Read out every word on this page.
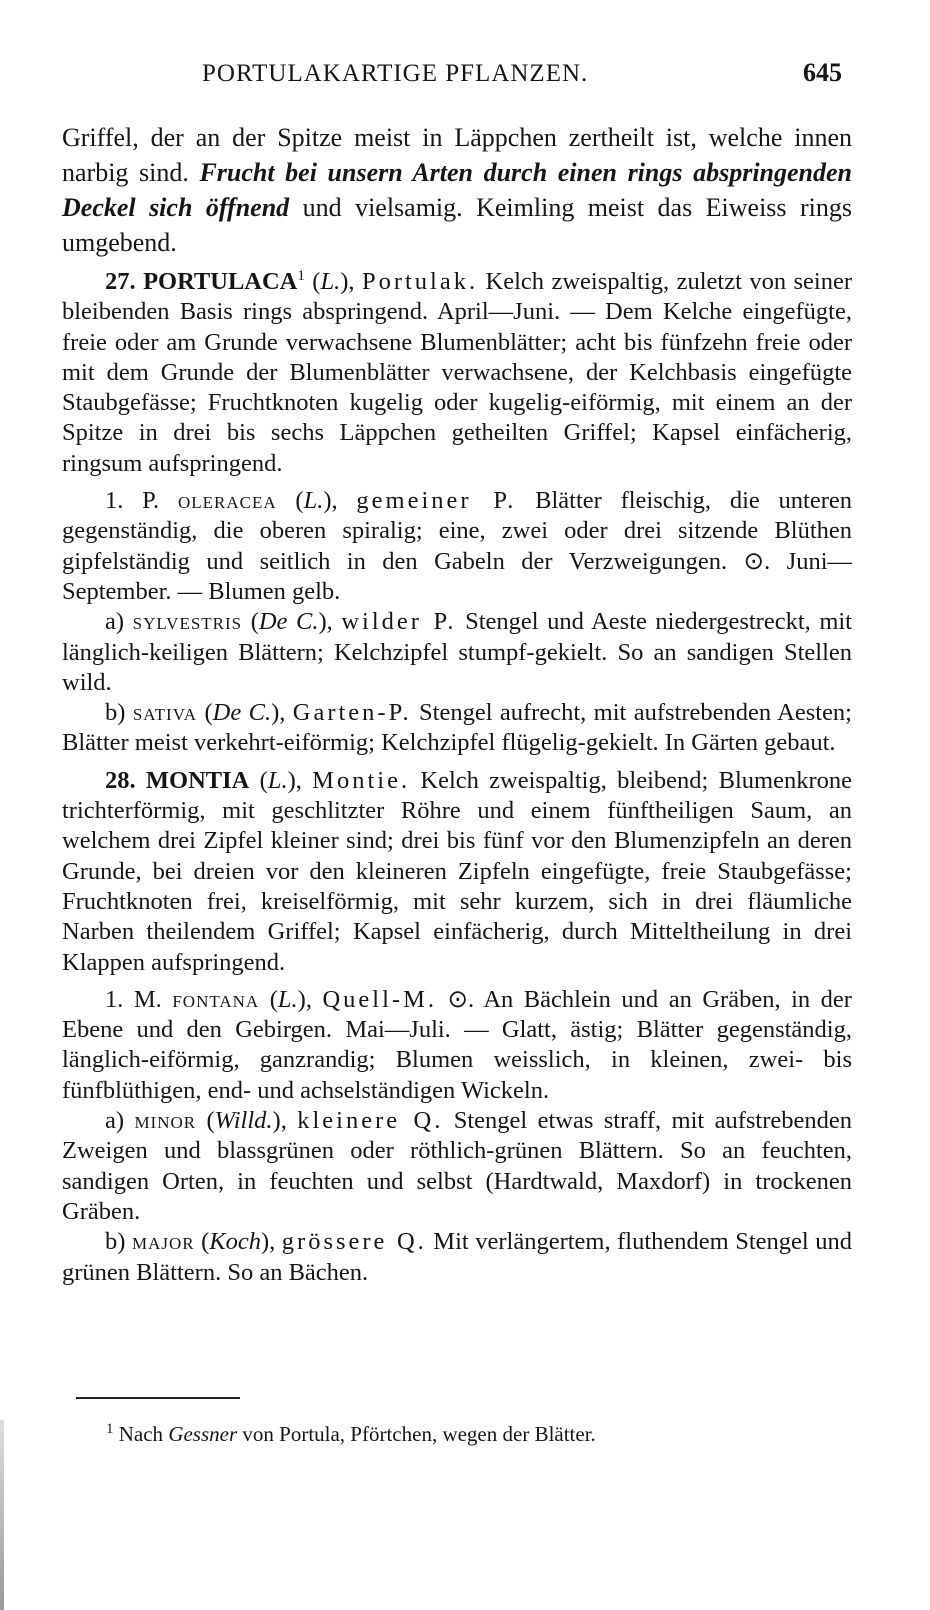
PORTULAKARTIGE PFLANZEN.	645

Griffel, der an der Spitze meist in Läppchen zertheilt ist, welche innen narbig sind. Frucht bei unsern Arten durch einen rings abspringenden Deckel sich öffnend und vielsamig. Keimling meist das Eiweiss rings umgebend.

27. PORTULACA$^1$ (L.), Portulak. Kelch zweispaltig, zuletzt von seiner bleibenden Basis rings abspringend. April—Juni. — Dem Kelche eingefügte, freie oder am Grunde verwachsene Blumenblätter; acht bis fünfzehn freie oder mit dem Grunde der Blumenblätter verwachsene, der Kelchbasis eingefügte Staubgefässe; Fruchtknoten kugelig oder kugelig-eiförmig, mit einem an der Spitze in drei bis sechs Läppchen getheilten Griffel; Kapsel einfächerig, ringsum aufspringend.

1. P. oleracea (L.), gemeiner P. Blätter fleischig, die unteren gegenständig, die oberen spiralig; eine, zwei oder drei sitzende Blüthen gipfelständig und seitlich in den Gabeln der Verzweigungen. ⊙. Juni—September. — Blumen gelb.

a) sylvestris (De C.), wilder P. Stengel und Aeste niedergestreckt, mit länglich-keiligen Blättern; Kelchzipfel stumpf-gekielt. So an sandigen Stellen wild.

b) sativa (De C.), Garten-P. Stengel aufrecht, mit aufstrebenden Aesten; Blätter meist verkehrt-eiförmig; Kelchzipfel flügelig-gekielt. In Gärten gebaut.

28. MONTIA (L.), Montie. Kelch zweispaltig, bleibend; Blumenkrone trichterförmig, mit geschlitzter Röhre und einem fünftheiligen Saum, an welchem drei Zipfel kleiner sind; drei bis fünf vor den Blumenzipfeln an deren Grunde, bei dreien vor den kleineren Zipfeln eingefügte, freie Staubgefässe; Fruchtknoten frei, kreiselförmig, mit sehr kurzem, sich in drei fläumliche Narben theilendem Griffel; Kapsel einfächerig, durch Mitteltheilung in drei Klappen aufspringend.

1. M. fontana (L.), Quell-M. ⊙. An Bächlein und an Gräben, in der Ebene und den Gebirgen. Mai—Juli. — Glatt, ästig; Blätter gegenständig, länglich-eiförmig, ganzrandig; Blumen weisslich, in kleinen, zwei- bis fünfblüthigen, end- und achselständigen Wickeln.

a) minor (Willd.), kleinere Q. Stengel etwas straff, mit aufstrebenden Zweigen und blassgrünen oder röthlich-grünen Blättern. So an feuchten, sandigen Orten, in feuchten und selbst (Hardtwald, Maxdorf) in trockenen Gräben.

b) major (Koch), grössere Q. Mit verlängertem, fluthendem Stengel und grünen Blättern. So an Bächen.

$^1$ Nach Gessner von Portula, Pförtchen, wegen der Blätter.
